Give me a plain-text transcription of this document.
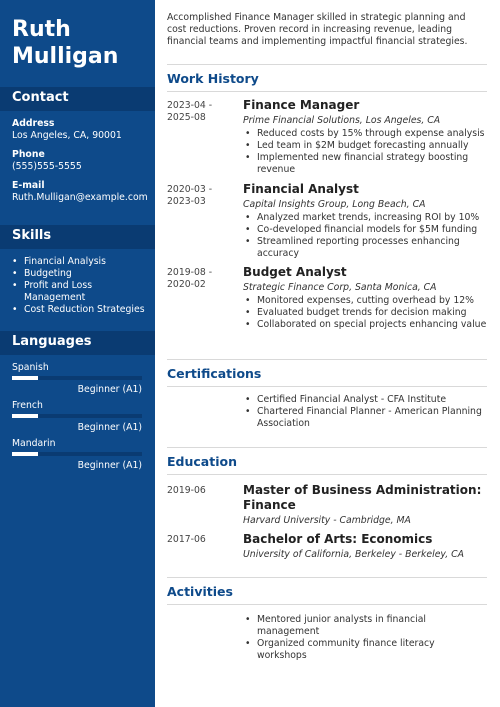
Ruth
Mulligan
Contact
Address
Los Angeles, CA, 90001
Phone
(555)555-5555
E-mail
Ruth.Mulligan@example.com
Skills
• Financial Analysis
• Budgeting
• Profit and Loss Management
• Cost Reduction Strategies
Languages
Spanish
Beginner (A1)
French
Beginner (A1)
Mandarin
Beginner (A1)
Accomplished Finance Manager skilled in strategic planning and cost reductions. Proven record in increasing revenue, leading financial teams and implementing impactful financial strategies.
Work History
2023-04 - 2025-08
Finance Manager
Prime Financial Solutions, Los Angeles, CA
• Reduced costs by 15% through expense analysis
• Led team in $2M budget forecasting annually
• Implemented new financial strategy boosting revenue
2020-03 - 2023-03
Financial Analyst
Capital Insights Group, Long Beach, CA
• Analyzed market trends, increasing ROI by 10%
• Co-developed financial models for $5M funding
• Streamlined reporting processes enhancing accuracy
2019-08 - 2020-02
Budget Analyst
Strategic Finance Corp, Santa Monica, CA
• Monitored expenses, cutting overhead by 12%
• Evaluated budget trends for decision making
• Collaborated on special projects enhancing value
Certifications
• Certified Financial Analyst - CFA Institute
• Chartered Financial Planner - American Planning Association
Education
2019-06	Master of Business Administration: Finance
Harvard University - Cambridge, MA
2017-06	Bachelor of Arts: Economics
University of California, Berkeley - Berkeley, CA
Activities
• Mentored junior analysts in financial management
• Organized community finance literacy workshops
